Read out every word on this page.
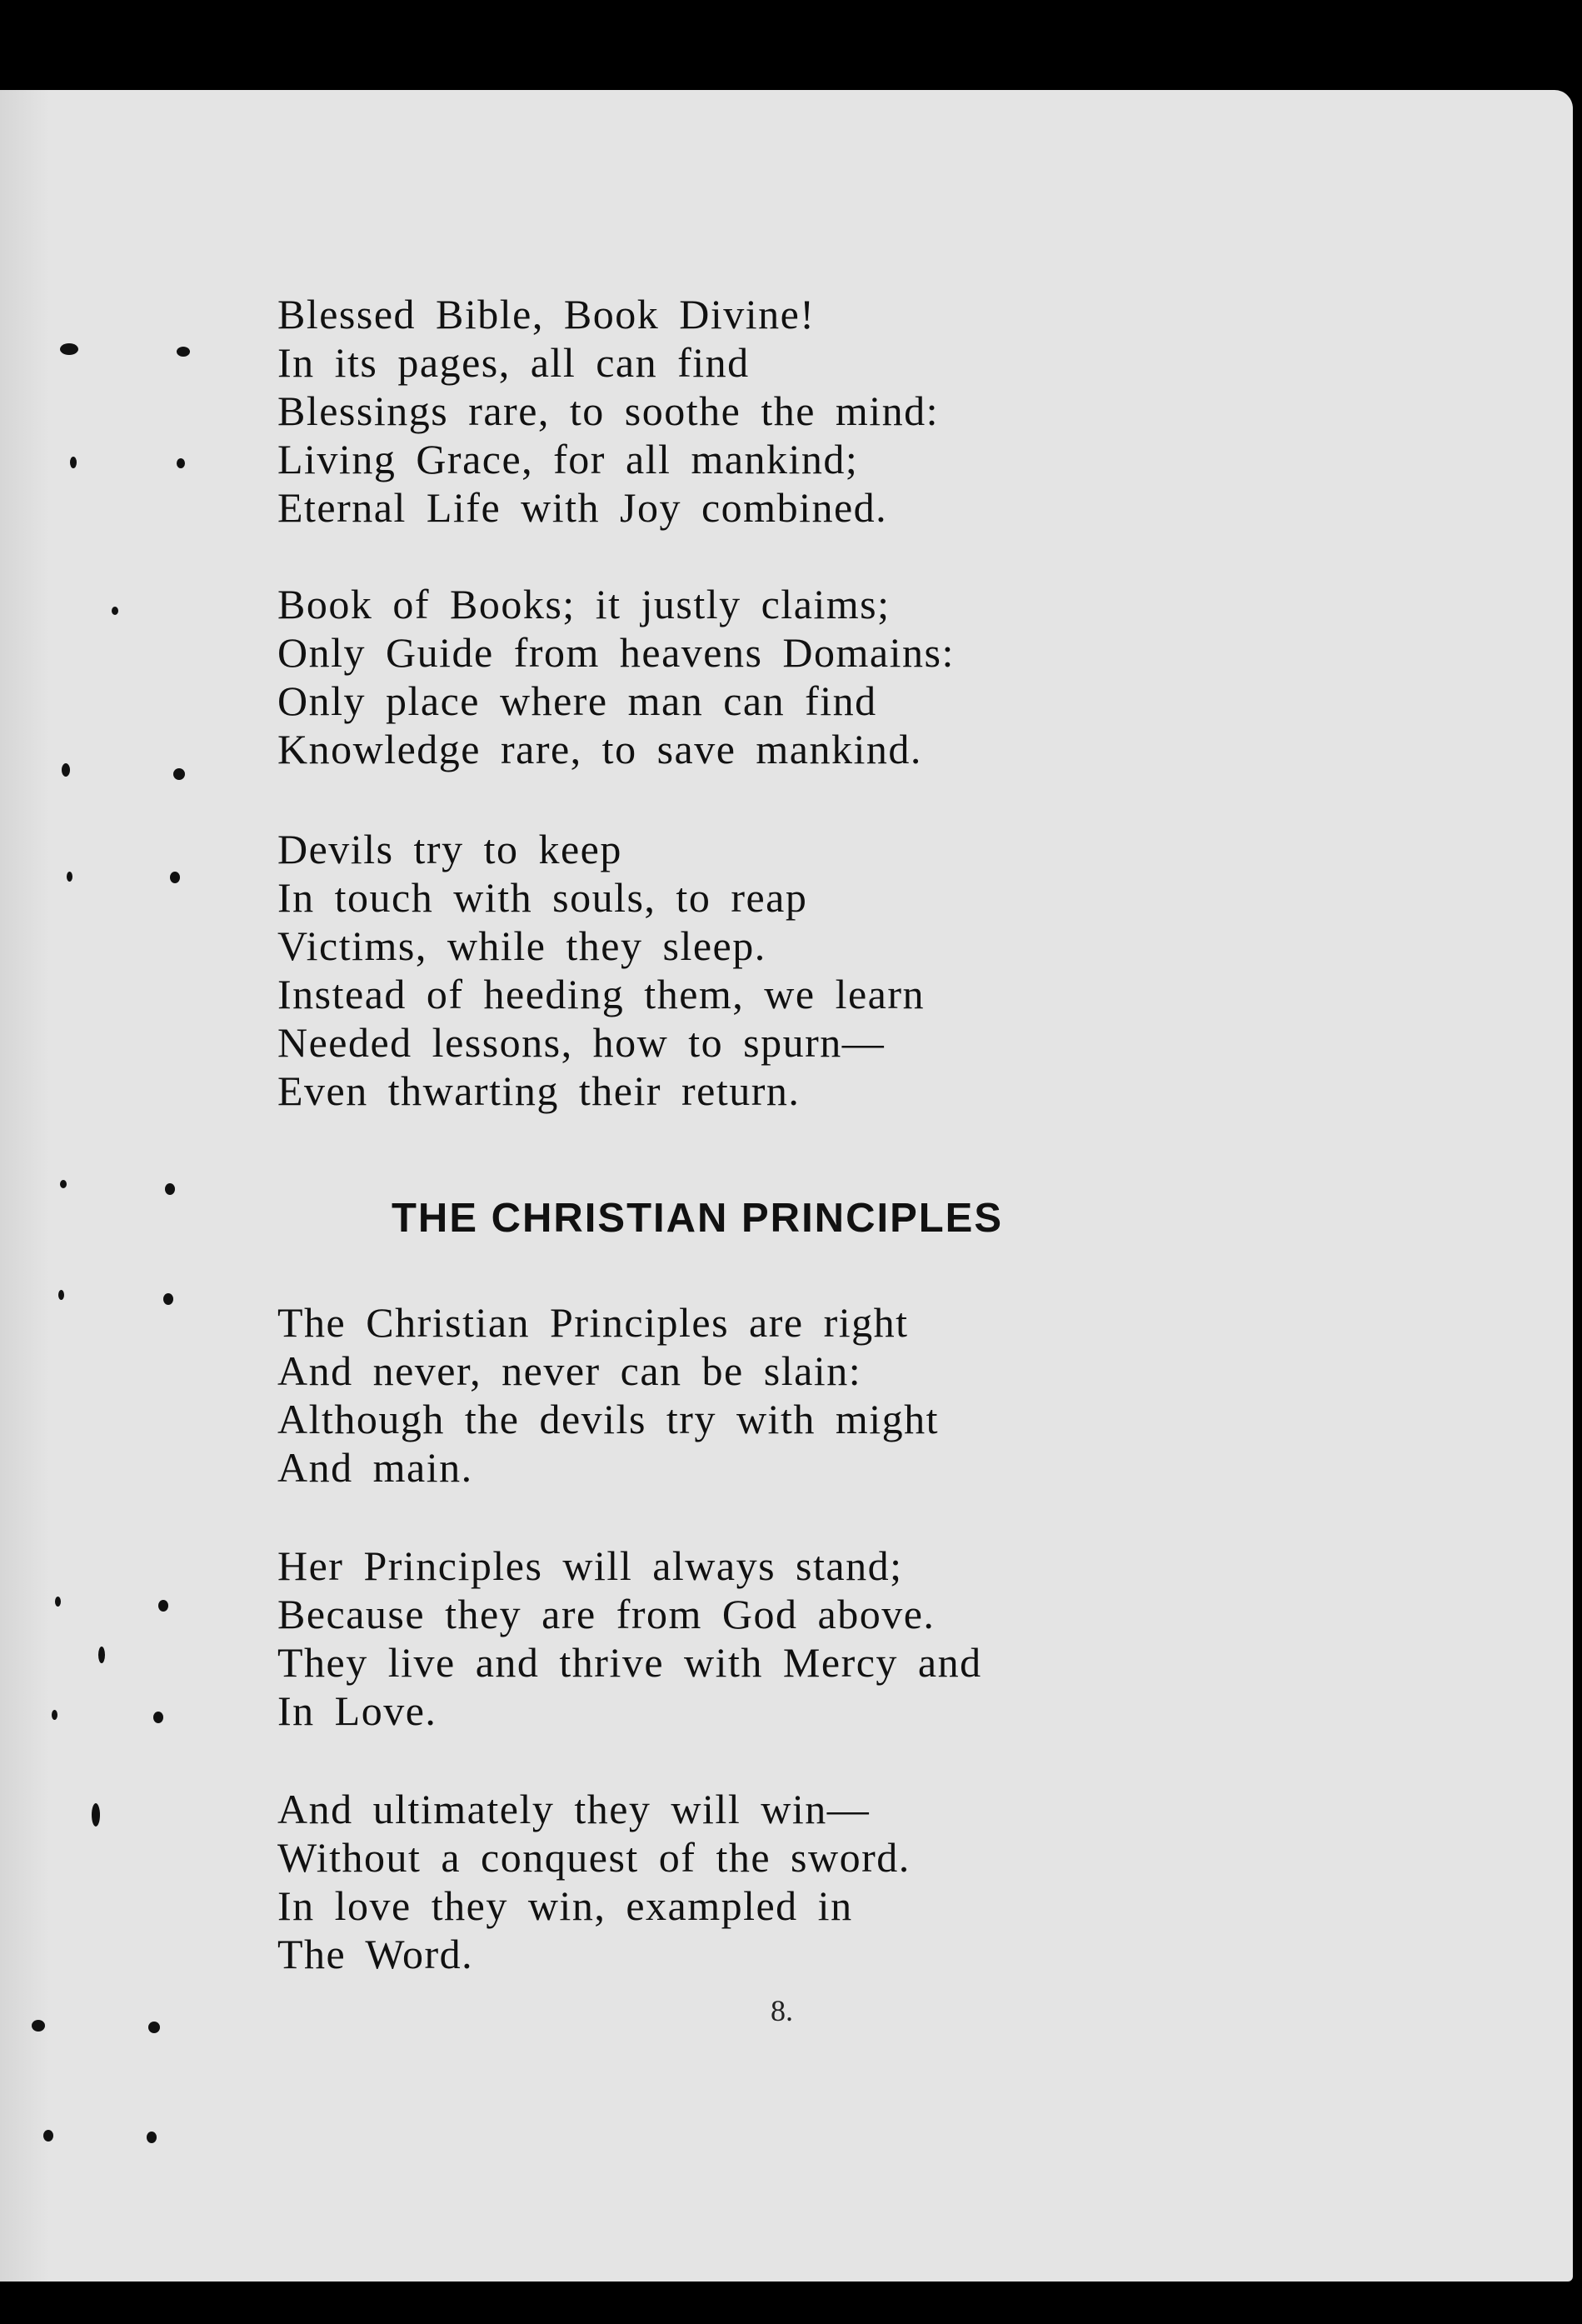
Blessed Bible, Book Divine!
In its pages, all can find
Blessings rare, to soothe the mind:
Living Grace, for all mankind;
Eternal Life with Joy combined.
Book of Books; it justly claims;
Only Guide from heavens Domains:
Only place where man can find
Knowledge rare, to save mankind.
Devils try to keep
In touch with souls, to reap
Victims, while they sleep.
Instead of heeding them, we learn
Needed lessons, how to spurn—
Even thwarting their return.
THE CHRISTIAN PRINCIPLES
The Christian Principles are right
And never, never can be slain:
Although the devils try with might
And main.
Her Principles will always stand;
Because they are from God above.
They live and thrive with Mercy and
In Love.
And ultimately they will win—
Without a conquest of the sword.
In love they win, exampled in
The Word.
8.
